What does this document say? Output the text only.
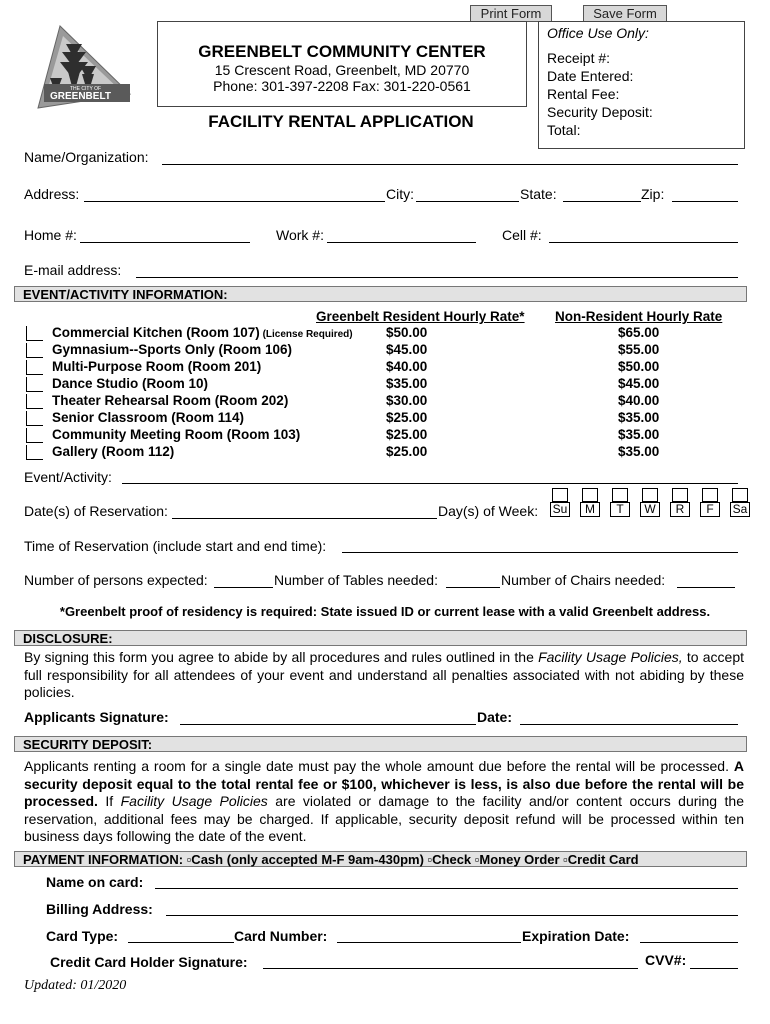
Print Form	Save Form
THE CITY OF
GREENBELT
GREENBELT COMMUNITY CENTER
15 Crescent Road, Greenbelt, MD 20770
Phone: 301-397-2208 Fax: 301-220-0561
FACILITY RENTAL APPLICATION
Office Use Only:
Receipt #:
Date Entered:
Rental Fee:
Security Deposit:
Total:
Name/Organization:
Address:	City:	State:	Zip:
Home #:	Work #:	Cell #:
E-mail address:
EVENT/ACTIVITY INFORMATION:
Greenbelt Resident Hourly Rate* Non-Resident Hourly Rate
Commercial Kitchen (Room 107) (License Required) $50.00	$65.00
Gymnasium--Sports Only (Room 106)	$45.00	$55.00
Multi-Purpose Room (Room 201)	$40.00	$50.00
Dance Studio (Room 10)	$35.00	$45.00
Theater Rehearsal Room (Room 202)	$30.00	$40.00
Senior Classroom (Room 114)	$25.00	$35.00
Community Meeting Room (Room 103)	$25.00	$35.00
Gallery (Room 112)	$25.00	$35.00
Event/Activity:
Date(s) of Reservation:	Day(s) of Week: Su	M	T	W	R	F	Sa
Time of Reservation (include start and end time):
Number of persons expected:	Number of Tables needed:	Number of Chairs needed:
*Greenbelt proof of residency is required: State issued ID or current lease with a valid Greenbelt address.
DISCLOSURE:
By signing this form you agree to abide by all procedures and rules outlined in the Facility Usage Policies, to accept full responsibility for all attendees of your event and understand all penalties associated with not abiding by these policies.
Applicants Signature:	Date:
SECURITY DEPOSIT:
Applicants renting a room for a single date must pay the whole amount due before the rental will be processed. A security deposit equal to the total rental fee or $100, whichever is less, is also due before the rental will be processed. If Facility Usage Policies are violated or damage to the facility and/or content occurs during the reservation, additional fees may be charged. If applicable, security deposit refund will be processed within ten business days following the date of the event.
PAYMENT INFORMATION: ▫Cash (only accepted M-F 9am-430pm) ▫Check ▫Money Order ▫Credit Card
Name on card:
Billing Address:
Card Type:	Card Number:	Expiration Date:
CVV#:
Credit Card Holder Signature:
Updated: 01/2020
